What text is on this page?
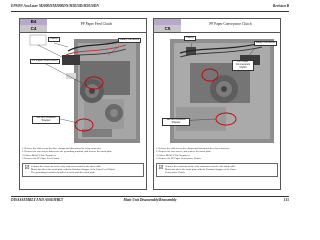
EPSON AcuLaser M2000D/M2000DN/M2010D/M2010DN	Revision B
B4
C4
PF Paper Feed Clutch
Clamp	Relay Connector
PF Paper Feed Clutch
Tab and Rotation Stopper
1. Release the cables from the three clamps and disconnect the relay connector.
2. Remove the two screws that secure the grounding terminal, and remove the metal plate.
A) Silver M3x6 S-Tite Twopieces
3. Remove the PF Paper Feed Clutch.
Connect the connector to the relay connector routed in the other cable.
Match the tab of the metal plate with the Rotation Stopper of the Paper Feed Clutch.
The grounding terminals should be secured with the metal plate.
C5
PF Paper Conveyance Clutch
Clamp
Relay Connector
PF Paper Conveyance Clutch
Tab and Rotation Stopper
1. Release the cables from the clamps and disconnect the relay connector.
2. Remove the two screws, and remove the metal plate.
A) Silver M3x6 S-Tite Twopieces
3. Remove the PF Paper Conveyance Clutch.
Connect the connector to the relay connector routed in the black cable.
Match the tab of the metal plate with the Rotation Stopper of the Paper
Conveyance Clutch.
DISASSEMBLY AND ASSEMBLY	Main Unit Disassembly/Reassembly	115
